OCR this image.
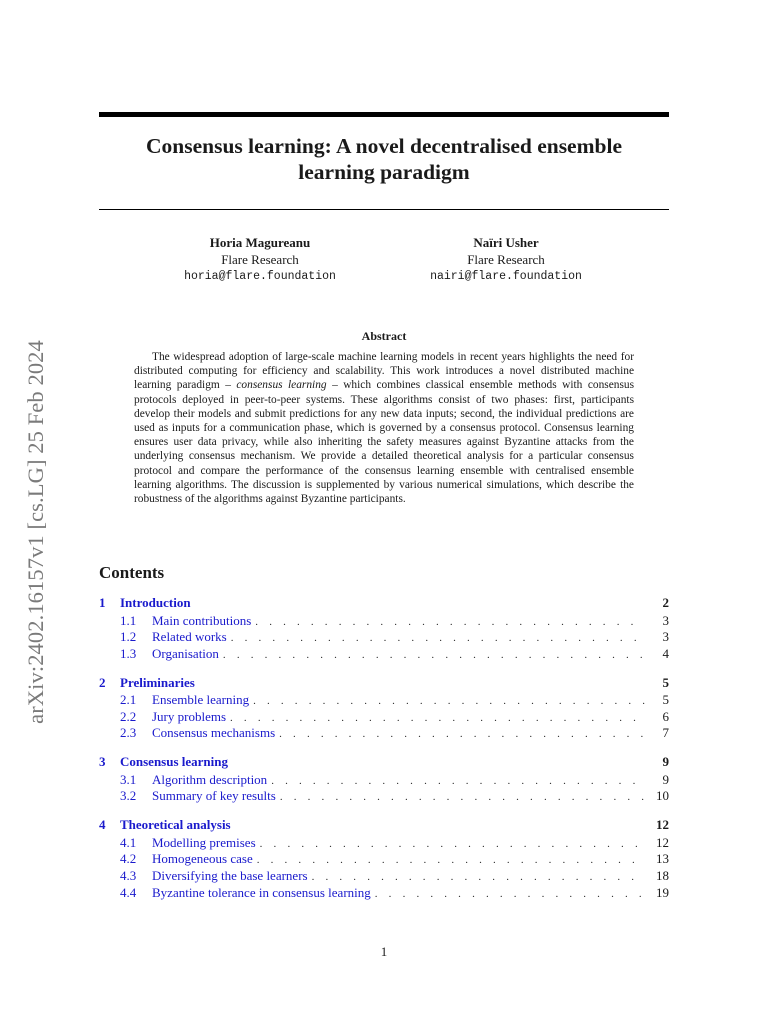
arXiv:2402.16157v1 [cs.LG] 25 Feb 2024
Consensus learning: A novel decentralised ensemble
learning paradigm
Horia Magureanu
Flare Research
horia@flare.foundation
Naïri Usher
Flare Research
nairi@flare.foundation
Abstract
The widespread adoption of large-scale machine learning models in recent years highlights the need for distributed computing for efficiency and scalability. This work introduces a novel distributed machine learning paradigm – consensus learning – which combines classical ensemble methods with consensus protocols deployed in peer-to-peer systems. These algorithms consist of two phases: first, participants develop their models and submit predictions for any new data inputs; second, the individual predictions are used as inputs for a communication phase, which is governed by a consensus protocol. Consensus learning ensures user data privacy, while also inheriting the safety measures against Byzantine attacks from the underlying consensus mechanism. We provide a detailed theoretical analysis for a particular consensus protocol and compare the performance of the consensus learning ensemble with centralised ensemble learning algorithms. The discussion is supplemented by various numerical simulations, which describe the robustness of the algorithms against Byzantine participants.
Contents
1	Introduction	2
1.1	Main contributions . . .	3
1.2	Related works . . .	3
1.3	Organisation . . .	4
2	Preliminaries	5
2.1	Ensemble learning . . .	5
2.2	Jury problems . . .	6
2.3	Consensus mechanisms . . .	7
3	Consensus learning	9
3.1	Algorithm description . . .	9
3.2	Summary of key results . . .	10
4	Theoretical analysis	12
4.1	Modelling premises . . .	12
4.2	Homogeneous case . . .	13
4.3	Diversifying the base learners . . .	18
4.4	Byzantine tolerance in consensus learning . . .	19
1
